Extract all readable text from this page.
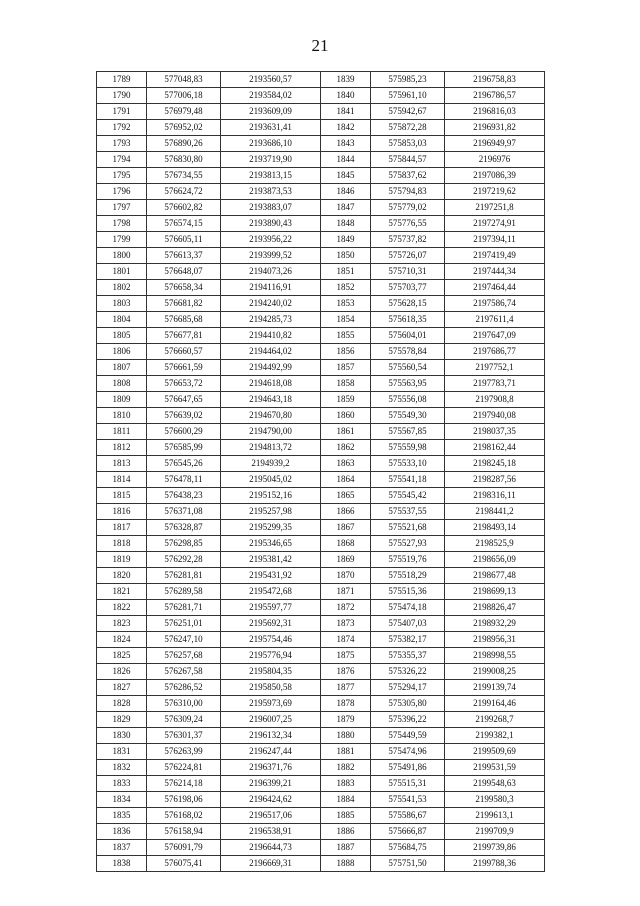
21
1789	577048,83	2193560,57	1839	575985,23	2196758,83
1790	577006,18	2193584,02	1840	575961,10	2196786,57
1791	576979,48	2193609,09	1841	575942,67	2196816,03
1792	576952,02	2193631,41	1842	575872,28	2196931,82
1793	576890,26	2193686,10	1843	575853,03	2196949,97
1794	576830,80	2193719,90	1844	575844,57	2196976
1795	576734,55	2193813,15	1845	575837,62	2197086,39
1796	576624,72	2193873,53	1846	575794,83	2197219,62
1797	576602,82	2193883,07	1847	575779,02	2197251,8
1798	576574,15	2193890,43	1848	575776,55	2197274,91
1799	576605,11	2193956,22	1849	575737,82	2197394,11
1800	576613,37	2193999,52	1850	575726,07	2197419,49
1801	576648,07	2194073,26	1851	575710,31	2197444,34
1802	576658,34	2194116,91	1852	575703,77	2197464,44
1803	576681,82	2194240,02	1853	575628,15	2197586,74
1804	576685,68	2194285,73	1854	575618,35	2197611,4
1805	576677,81	2194410,82	1855	575604,01	2197647,09
1806	576660,57	2194464,02	1856	575578,84	2197686,77
1807	576661,59	2194492,99	1857	575560,54	2197752,1
1808	576653,72	2194618,08	1858	575563,95	2197783,71
1809	576647,65	2194643,18	1859	575556,08	2197908,8
1810	576639,02	2194670,80	1860	575549,30	2197940,08
1811	576600,29	2194790,00	1861	575567,85	2198037,35
1812	576585,99	2194813,72	1862	575559,98	2198162,44
1813	576545,26	2194939,2	1863	575533,10	2198245,18
1814	576478,11	2195045,02	1864	575541,18	2198287,56
1815	576438,23	2195152,16	1865	575545,42	2198316,11
1816	576371,08	2195257,98	1866	575537,55	2198441,2
1817	576328,87	2195299,35	1867	575521,68	2198493,14
1818	576298,85	2195346,65	1868	575527,93	2198525,9
1819	576292,28	2195381,42	1869	575519,76	2198656,09
1820	576281,81	2195431,92	1870	575518,29	2198677,48
1821	576289,58	2195472,68	1871	575515,36	2198699,13
1822	576281,71	2195597,77	1872	575474,18	2198826,47
1823	576251,01	2195692,31	1873	575407,03	2198932,29
1824	576247,10	2195754,46	1874	575382,17	2198956,31
1825	576257,68	2195776,94	1875	575355,37	2198998,55
1826	576267,58	2195804,35	1876	575326,22	2199008,25
1827	576286,52	2195850,58	1877	575294,17	2199139,74
1828	576310,00	2195973,69	1878	575305,80	2199164,46
1829	576309,24	2196007,25	1879	575396,22	2199268,7
1830	576301,37	2196132,34	1880	575449,59	2199382,1
1831	576263,99	2196247,44	1881	575474,96	2199509,69
1832	576224,81	2196371,76	1882	575491,86	2199531,59
1833	576214,18	2196399,21	1883	575515,31	2199548,63
1834	576198,06	2196424,62	1884	575541,53	2199580,3
1835	576168,02	2196517,06	1885	575586,67	2199613,1
1836	576158,94	2196538,91	1886	575666,87	2199709,9
1837	576091,79	2196644,73	1887	575684,75	2199739,86
1838	576075,41	2196669,31	1888	575751,50	2199788,36
